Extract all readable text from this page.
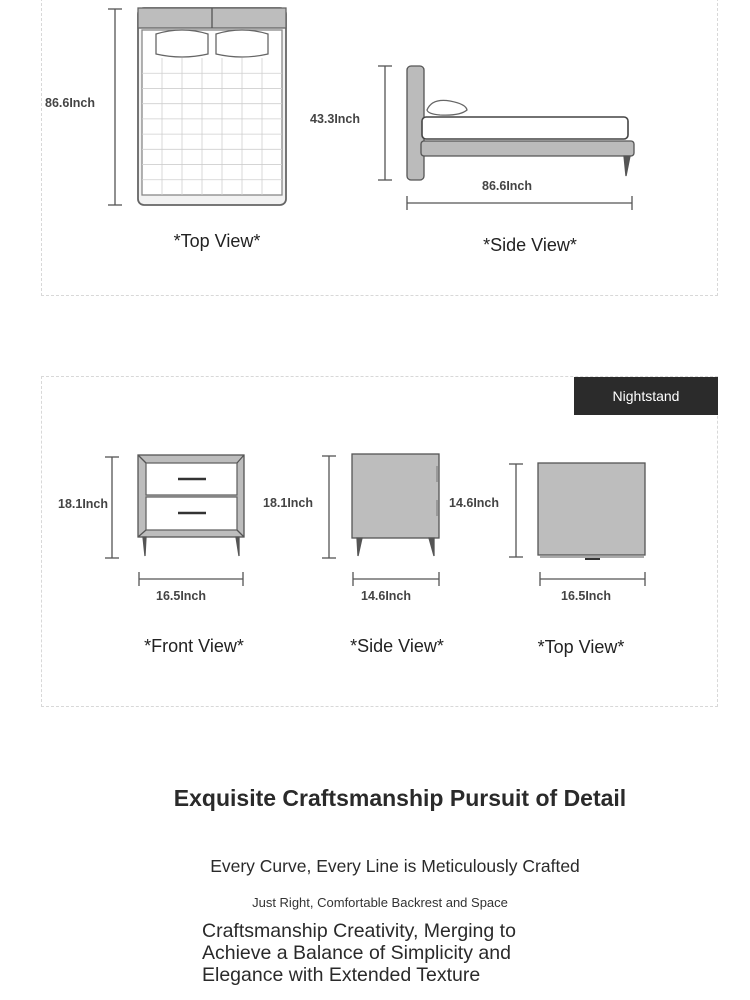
86.6Inch
43.3Inch
86.6Inch
*Top View*	*Side View*
Nightstand
18.1Inch
16.5Inch
18.1Inch
14.6Inch
14.6Inch
16.5Inch
*Front View*	*Side View*	*Top View*
Exquisite Craftsmanship Pursuit of Detail
Every Curve, Every Line is Meticulously Crafted
Just Right, Comfortable Backrest and Space
Craftsmanship Creativity, Merging to Achieve a Balance of Simplicity and Elegance with Extended Texture
